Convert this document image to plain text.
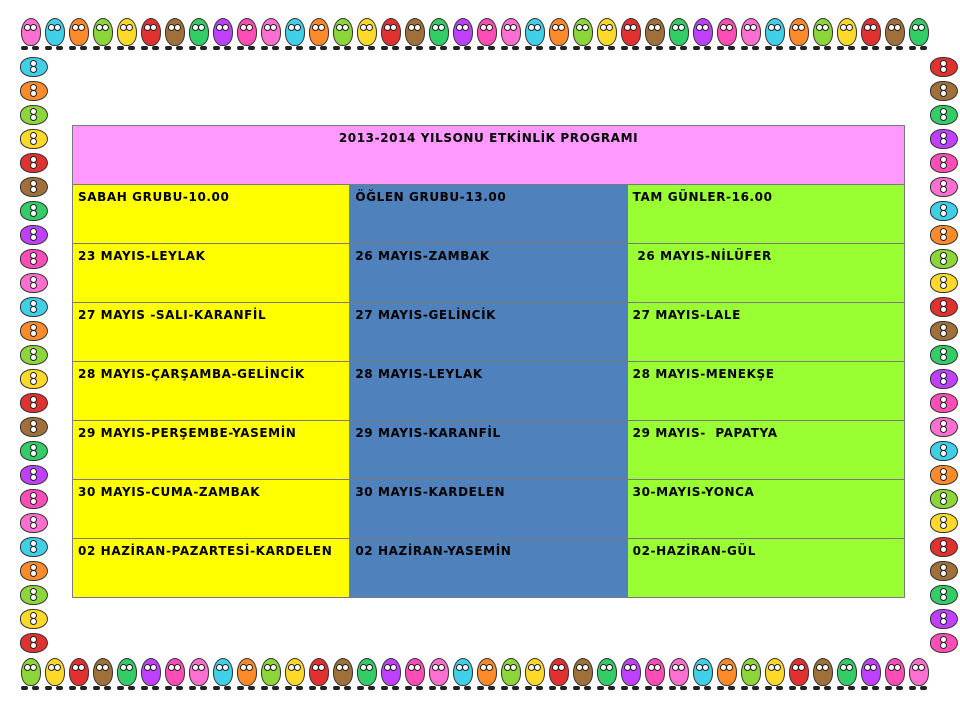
2013-2014 YILSONU ETKİNLİK PROGRAMI		
SABAH GRUBU-10.00	ÖĞLEN GRUBU-13.00	TAM GÜNLER-16.00
23 MAYIS-LEYLAK	26 MAYIS-ZAMBAK	26 MAYIS-NİLÜFER
27 MAYIS -SALI-KARANFİL	27 MAYIS-GELİNCİK	27 MAYIS-LALE
28 MAYIS-ÇARŞAMBA-GELİNCİK	28 MAYIS-LEYLAK	28 MAYIS-MENEKŞE
29 MAYIS-PERŞEMBE-YASEMİN	29 MAYIS-KARANFİL	29 MAYIS-  PAPATYA
30 MAYIS-CUMA-ZAMBAK	30 MAYIS-KARDELEN	30-MAYIS-YONCA
02 HAZİRAN-PAZARTESİ-KARDELEN	02 HAZİRAN-YASEMİN	02-HAZİRAN-GÜL
